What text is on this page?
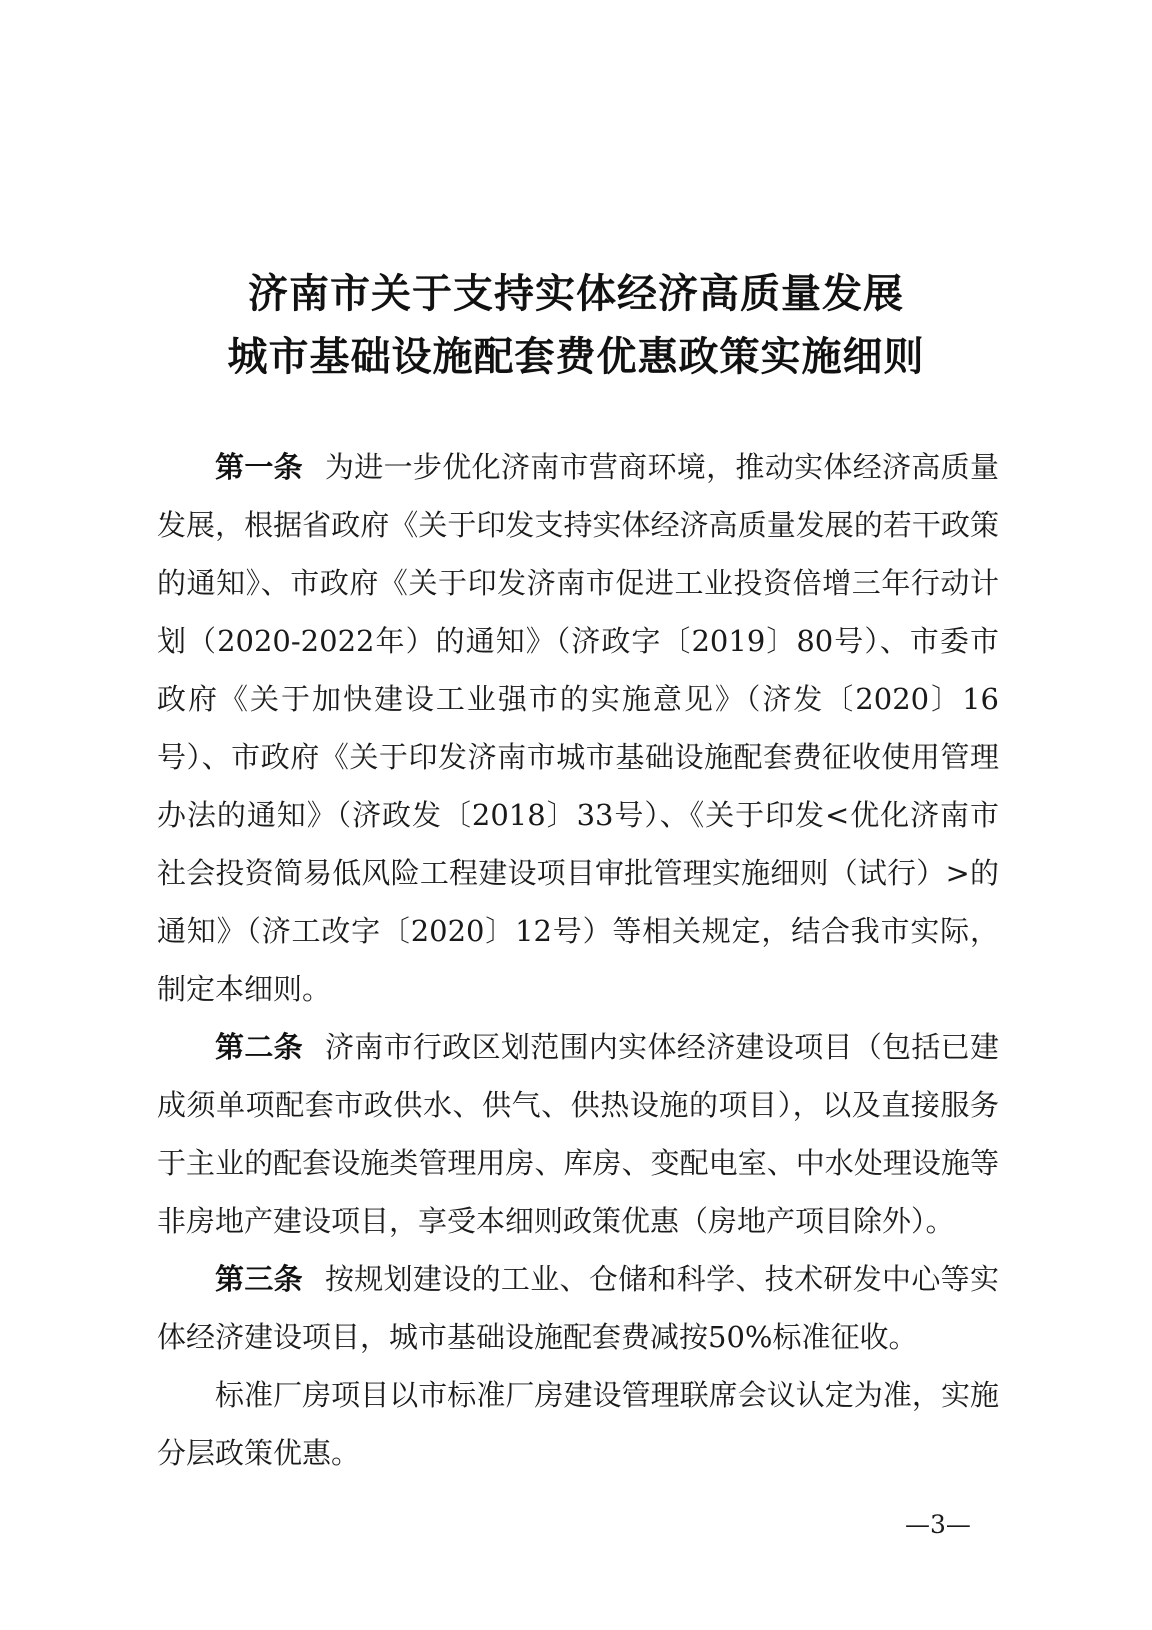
济南市关于支持实体经济高质量发展
城市基础设施配套费优惠政策实施细则

第一条 为进一步优化济南市营商环境，推动实体经济高质量发展，根据省政府《关于印发支持实体经济高质量发展的若干政策的通知》、市政府《关于印发济南市促进工业投资倍增三年行动计划（2020-2022年）的通知》（济政字〔2019〕80号）、市委市政府《关于加快建设工业强市的实施意见》（济发〔2020〕16号）、市政府《关于印发济南市城市基础设施配套费征收使用管理办法的通知》（济政发〔2018〕33号）、《关于印发<优化济南市社会投资简易低风险工程建设项目审批管理实施细则（试行）>的通知》（济工改字〔2020〕12号）等相关规定，结合我市实际，制定本细则。

第二条 济南市行政区划范围内实体经济建设项目（包括已建成须单项配套市政供水、供气、供热设施的项目），以及直接服务于主业的配套设施类管理用房、库房、变配电室、中水处理设施等非房地产建设项目，享受本细则政策优惠（房地产项目除外）。

第三条 按规划建设的工业、仓储和科学、技术研发中心等实体经济建设项目，城市基础设施配套费减按50%标准征收。

标准厂房项目以市标准厂房建设管理联席会议认定为准，实施分层政策优惠。

—3—
